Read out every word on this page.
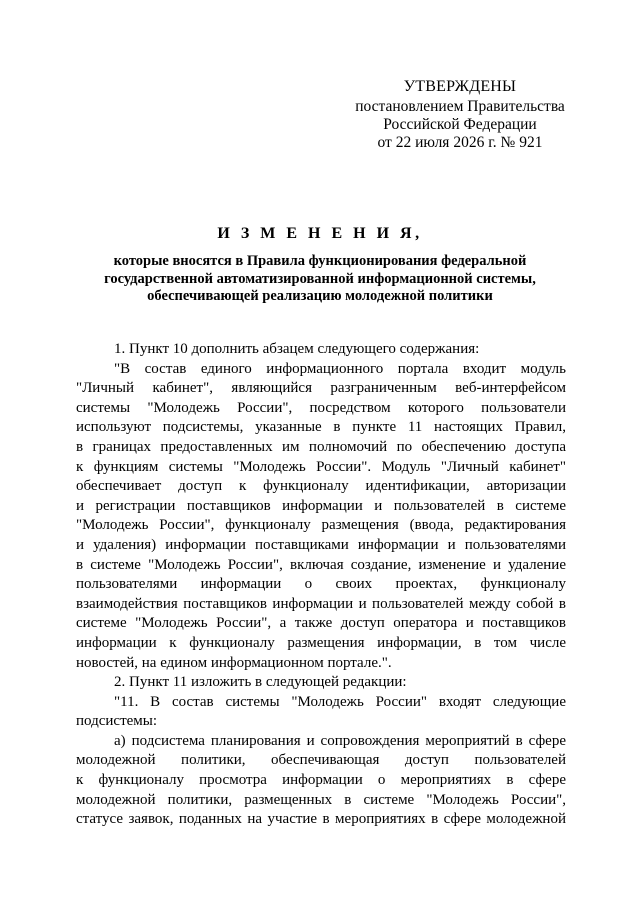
УТВЕРЖДЕНЫ
постановлением Правительства
Российской Федерации
от 22 июля 2026 г. № 921
И З М Е Н Е Н И Я,
которые вносятся в Правила функционирования федеральной
государственной автоматизированной информационной системы,
обеспечивающей реализацию молодежной политики
1. Пункт 10 дополнить абзацем следующего содержания:
"В состав единого информационного портала входит модуль
"Личный кабинет", являющийся разграниченным веб-интерфейсом
системы "Молодежь России", посредством которого пользователи
используют подсистемы, указанные в пункте 11 настоящих Правил,
в границах предоставленных им полномочий по обеспечению доступа
к функциям системы "Молодежь России". Модуль "Личный кабинет"
обеспечивает доступ к функционалу идентификации, авторизации
и регистрации поставщиков информации и пользователей в системе
"Молодежь России", функционалу размещения (ввода, редактирования
и удаления) информации поставщиками информации и пользователями
в системе "Молодежь России", включая создание, изменение и удаление
пользователями информации о своих проектах, функционалу
взаимодействия поставщиков информации и пользователей между собой в
системе "Молодежь России", а также доступ оператора и поставщиков
информации к функционалу размещения информации, в том числе
новостей, на едином информационном портале.".
2. Пункт 11 изложить в следующей редакции:
"11. В состав системы "Молодежь России" входят следующие
подсистемы:
а) подсистема планирования и сопровождения мероприятий в сфере
молодежной политики, обеспечивающая доступ пользователей
к функционалу просмотра информации о мероприятиях в сфере
молодежной политики, размещенных в системе "Молодежь России",
статусе заявок, поданных на участие в мероприятиях в сфере молодежной
